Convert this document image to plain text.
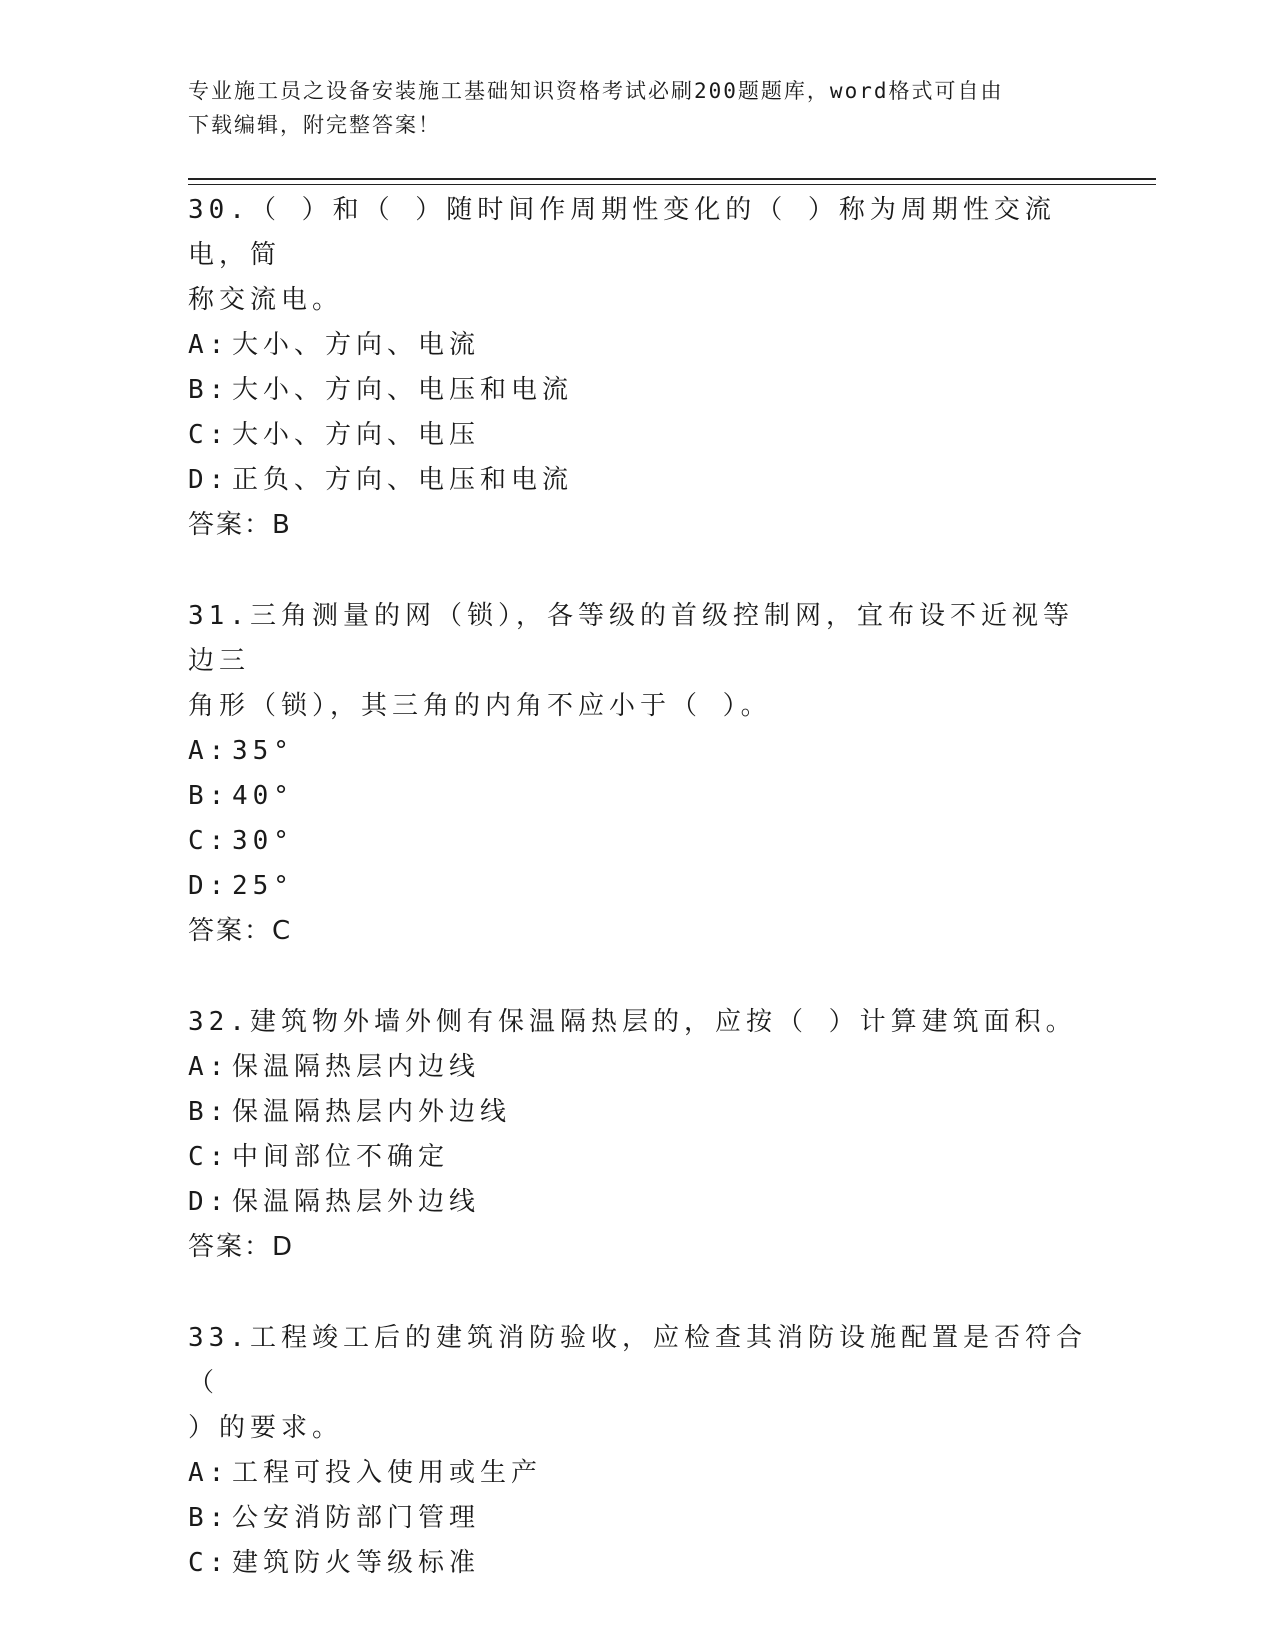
专业施工员之设备安装施工基础知识资格考试必刷200题题库，word格式可自由
下载编辑，附完整答案！

30.（ ）和（ ）随时间作周期性变化的（ ）称为周期性交流电，简

称交流电。

A: 大小、方向、电流

B: 大小、方向、电压和电流

C: 大小、方向、电压

D: 正负、方向、电压和电流

答案：B

31.三角测量的网（锁），各等级的首级控制网，宜布设不近视等边三

角形（锁），其三角的内角不应小于（ ）。

A: 35°

B: 40°

C: 30°

D: 25°

答案：C

32.建筑物外墙外侧有保温隔热层的，应按（ ）计算建筑面积。

A: 保温隔热层内边线

B: 保温隔热层内外边线

C: 中间部位不确定

D: 保温隔热层外边线

答案：D

33.工程竣工后的建筑消防验收，应检查其消防设施配置是否符合（

）的要求。

A: 工程可投入使用或生产

B: 公安消防部门管理

C: 建筑防火等级标准
